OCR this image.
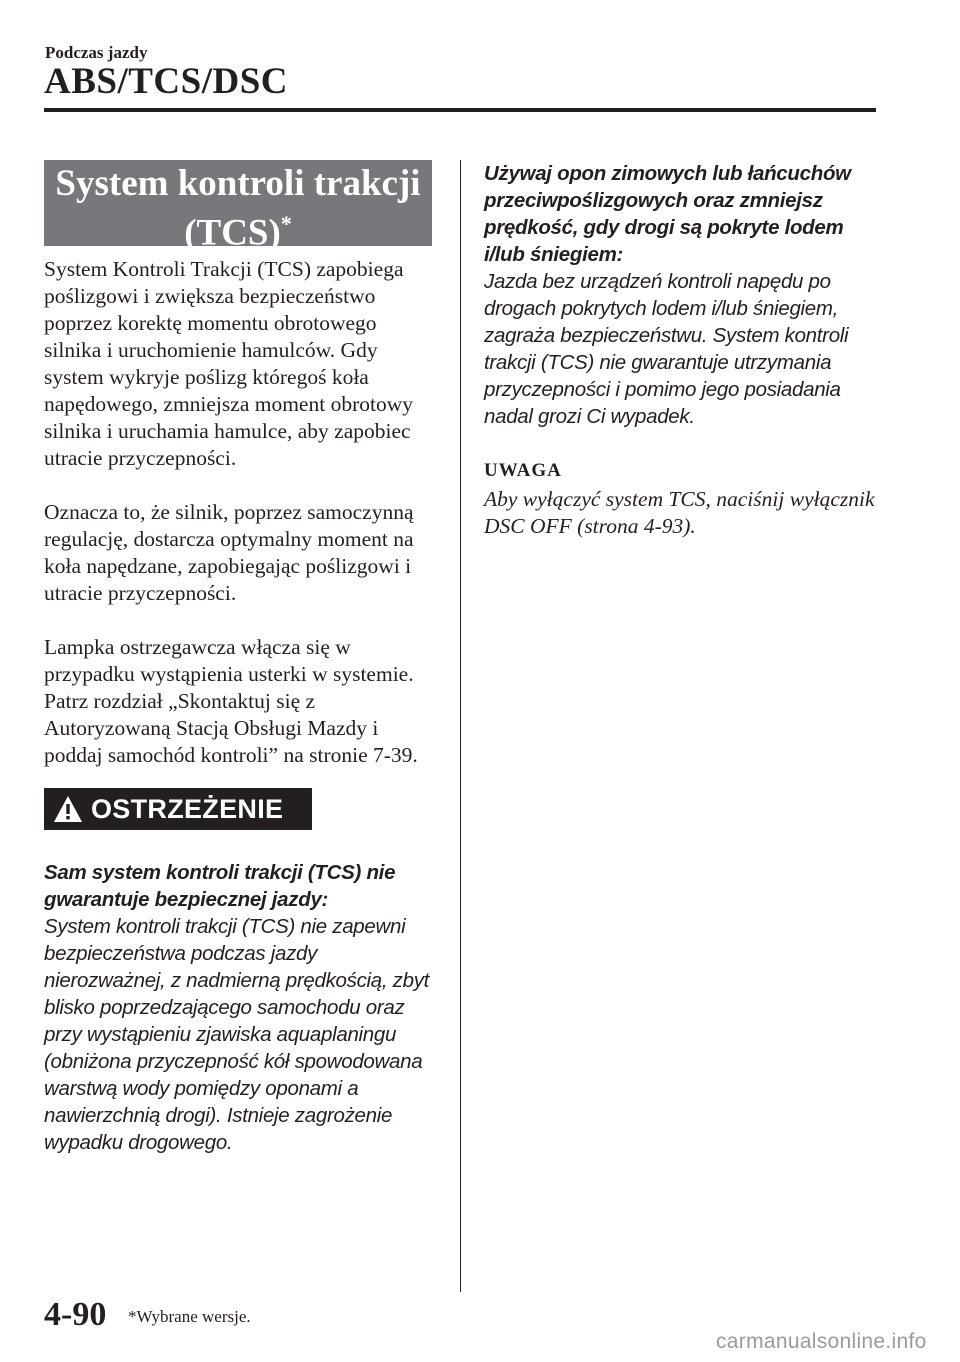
Podczas jazdy
ABS/TCS/DSC
System kontroli trakcji
(TCS)*

System Kontroli Trakcji (TCS) zapobiega poślizgowi i zwiększa bezpieczeństwo poprzez korektę momentu obrotowego silnika i uruchomienie hamulców. Gdy system wykryje poślizg któregoś koła napędowego, zmniejsza moment obrotowy silnika i uruchamia hamulce, aby zapobiec utracie przyczepności.

Oznacza to, że silnik, poprzez samoczynną regulację, dostarcza optymalny moment na koła napędzane, zapobiegając poślizgowi i utracie przyczepności.

Lampka ostrzegawcza włącza się w przypadku wystąpienia usterki w systemie. Patrz rozdział „Skontaktuj się z Autoryzowaną Stacją Obsługi Mazdy i poddaj samochód kontroli” na stronie 7-39.

OSTRZEŻENIE
Sam system kontroli trakcji (TCS) nie gwarantuje bezpiecznej jazdy:
System kontroli trakcji (TCS) nie zapewni bezpieczeństwa podczas jazdy nierozważnej, z nadmierną prędkością, zbyt blisko poprzedzającego samochodu oraz przy wystąpieniu zjawiska aquaplaningu (obniżona przyczepność kół spowodowana warstwą wody pomiędzy oponami a nawierzchnią drogi). Istnieje zagrożenie wypadku drogowego.
Używaj opon zimowych lub łańcuchów przeciwpoślizgowych oraz zmniejsz prędkość, gdy drogi są pokryte lodem i/lub śniegiem:
Jazda bez urządzeń kontroli napędu po drogach pokrytych lodem i/lub śniegiem, zagraża bezpieczeństwu. System kontroli trakcji (TCS) nie gwarantuje utrzymania przyczepności i pomimo jego posiadania nadal grozi Ci wypadek.
UWAGA
Aby wyłączyć system TCS, naciśnij wyłącznik DSC OFF (strona 4-93).
4-90 *Wybrane wersje.
carmanualsonline.info
